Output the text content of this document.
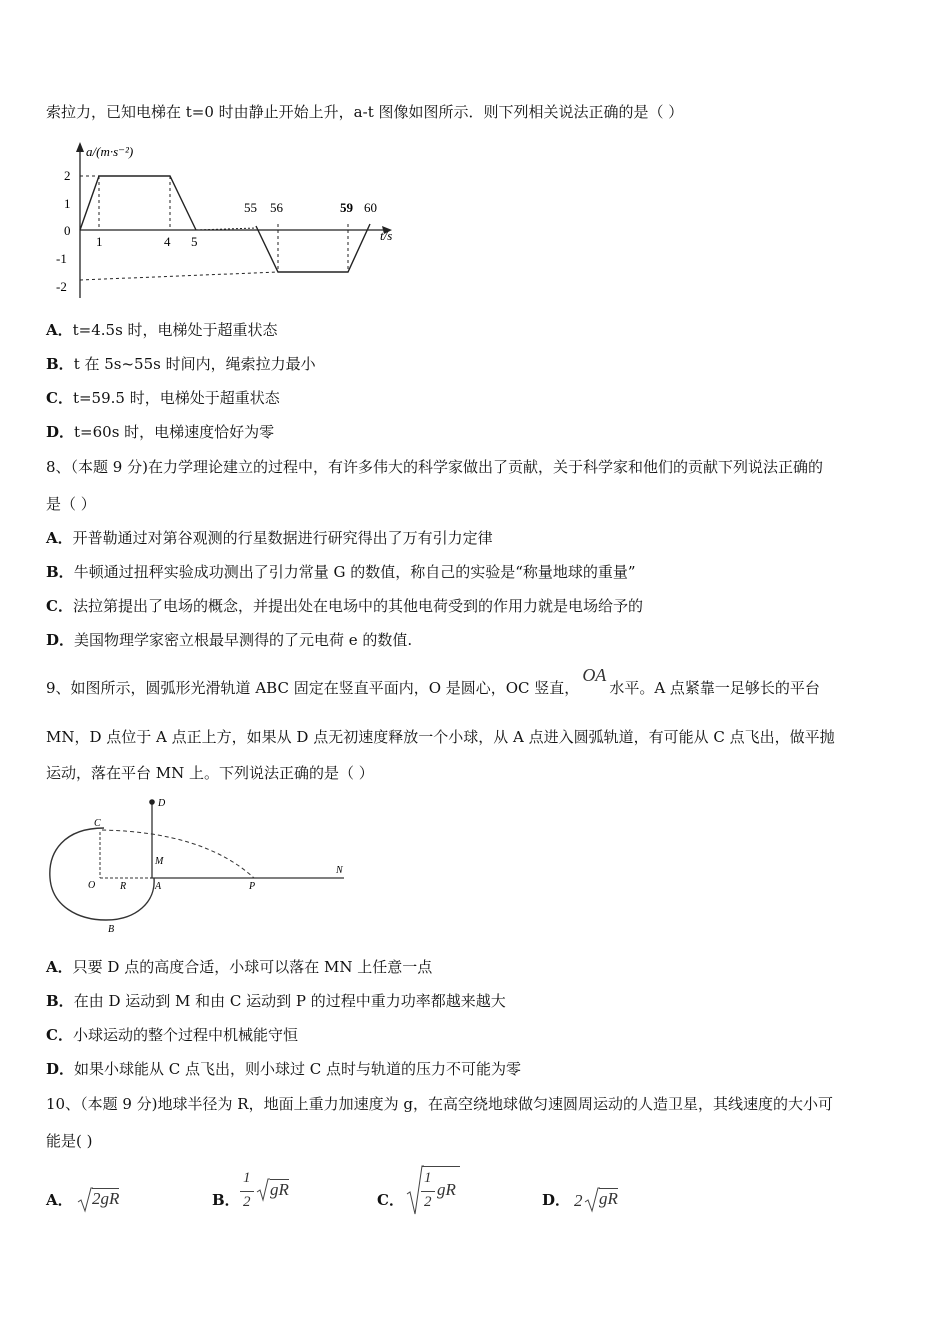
索拉力，已知电梯在 t=0 时由静止开始上升，a-t 图像如图所示．则下列相关说法正确的是（ ）
a/(m·s⁻²)
t/s
2
1
0
-1
-2
1	4 5
55 56	59 60
A．t=4.5s 时，电梯处于超重状态
B．t 在 5s~55s 时间内，绳索拉力最小
C．t=59.5 时，电梯处于超重状态
D．t=60s 时，电梯速度恰好为零
8、（本题 9 分)在力学理论建立的过程中，有许多伟大的科学家做出了贡献，关于科学家和他们的贡献下列说法正确的
是（ ）
A．开普勒通过对第谷观测的行星数据进行研究得出了万有引力定律
B．牛顿通过扭秤实验成功测出了引力常量 G 的数值，称自己的实验是“称量地球的重量”
C．法拉第提出了电场的概念，并提出处在电场中的其他电荷受到的作用力就是电场给予的
D．美国物理学家密立根最早测得的了元电荷 e 的数值.
9、如图所示，圆弧形光滑轨道 ABC 固定在竖直平面内，O 是圆心，OC 竖直，OA水平。A 点紧靠一足够长的平台
MN，D 点位于 A 点正上方，如果从 D 点无初速度释放一个小球，从 A 点进入圆弧轨道，有可能从 C 点飞出，做平抛
运动，落在平台 MN 上。下列说法正确的是（ ）
D
C
M
N
O R	A	P
B
A．只要 D 点的高度合适，小球可以落在 MN 上任意一点
B．在由 D 运动到 M 和由 C 运动到 P 的过程中重力功率都越来越大
C．小球运动的整个过程中机械能守恒
D．如果小球能从 C 点飞出，则小球过 C 点时与轨道的压力不可能为零
10、（本题 9 分)地球半径为 R，地面上重力加速度为 g，在高空绕地球做匀速圆周运动的人造卫星，其线速度的大小可
能是( )
A． 2gR	B．
1
2
gR
C．
1
2
gR
D． 2 gR
